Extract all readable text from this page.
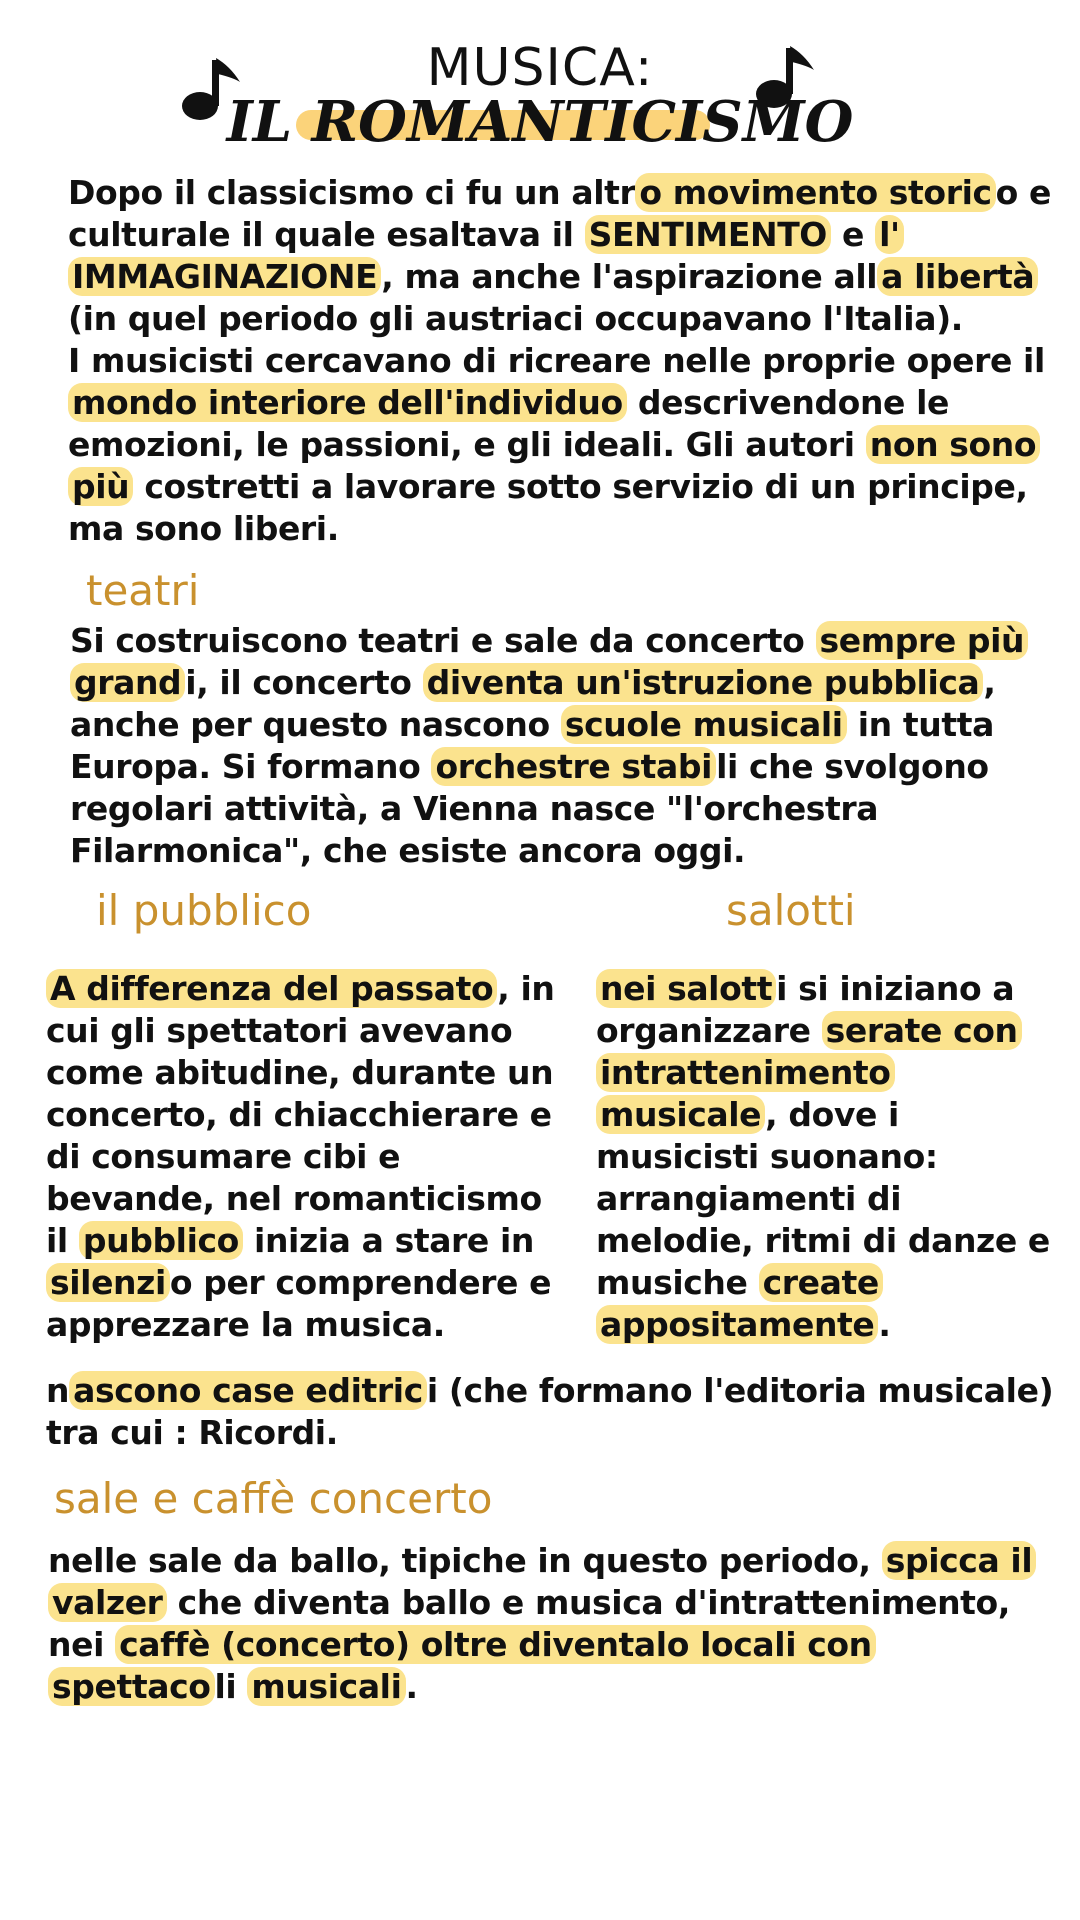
MUSICA:
IL ROMANTICISMO
Dopo il classicismo ci fu un altr o movimento storic o e culturale il quale esaltava il SENTIMENTO e l' IMMAGINAZIONE , ma anche l'aspirazione all a libertà (in quel periodo gli austriaci occupavano l'Italia).
I musicisti cercavano di ricreare nelle proprie opere il mondo interiore dell'individuo descrivendone le emozioni, le passioni, e gli ideali. Gli autori non sono più costretti a lavorare sotto servizio di un principe, ma sono liberi.
teatri
Si costruiscono teatri e sale da concerto sempre più grand i, il concerto diventa un'istruzione pubblica , anche per questo nascono scuole musicali in tutta Europa. Si formano orchestre stabi li che svolgono regolari attività, a Vienna nasce "l'orchestra Filarmonica", che esiste ancora oggi.
il pubblico
A differenza del passato , in cui gli spettatori avevano come abitudine, durante un concerto, di chiacchierare e di consumare cibi e bevande, nel romanticismo il pubblico inizia a stare in silenzi o per comprendere e apprezzare la musica.
salotti
nei salott i si iniziano a organizzare serate con intrattenimento musicale , dove i musicisti suonano: arrangiamenti di melodie, ritmi di danze e musiche create appositamente .
n ascono case editric i (che formano l'editoria musicale) tra cui : Ricordi.
sale e caffè concerto
nelle sale da ballo, tipiche in questo periodo, spicca il valzer che diventa ballo e musica d'intrattenimento, nei caffè (concerto) oltre diventalo locali con spettaco li musicali .
